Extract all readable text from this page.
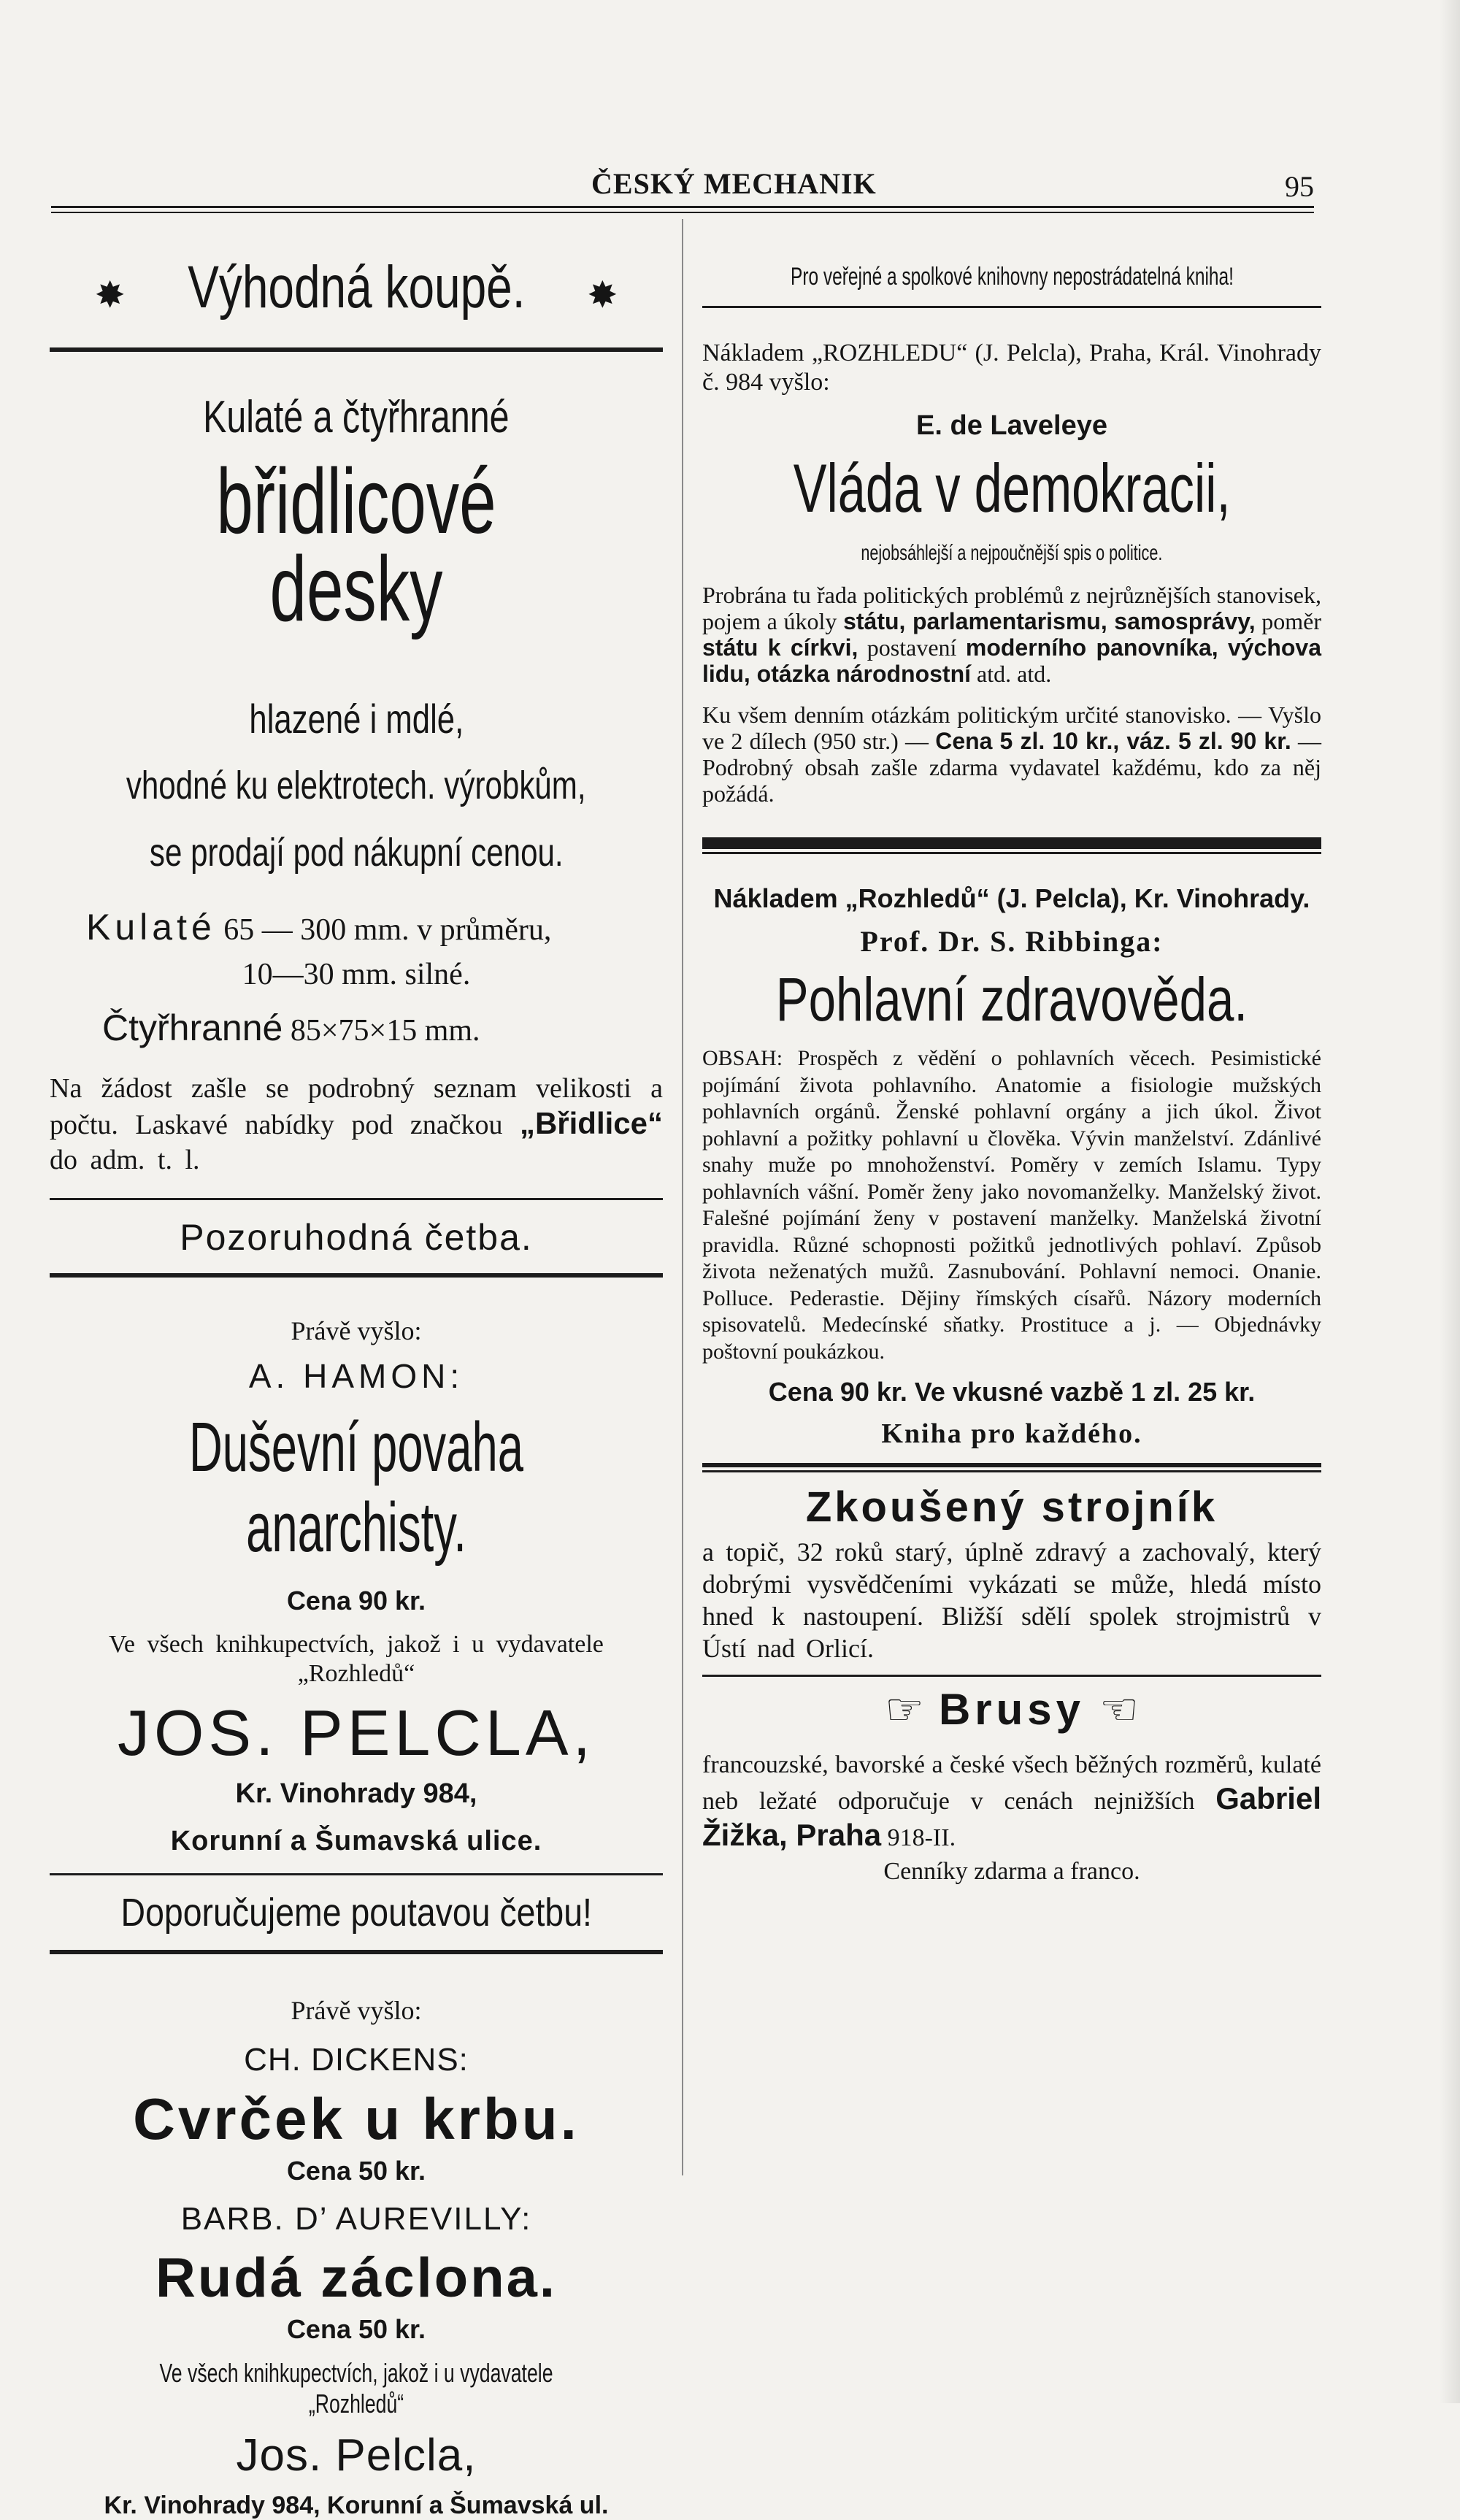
ČESKÝ MECHANIK	95
✸ Výhodná koupě. ✸
Kulaté a čtyřhranné
břidlicové desky
hlazené i mdlé,
vhodné ku elektrotech. výrobkům,
se prodají pod nákupní cenou.
Kulaté 65 — 300 mm. v průměru,
10—30 mm. silné.
Čtyřhranné 85×75×15 mm.
Na žádost zašle se podrobný seznam velikosti a počtu. Laskavé nabídky pod značkou „Břidlice“ do adm. t. l.
Pozoruhodná četba.
Právě vyšlo:
A. HAMON:
Duševní povaha anarchisty.
Cena 90 kr.
Ve všech knihkupectvích, jakož i u vydavatele
„Rozhledů“
JOS. PELCLA,
Kr. Vinohrady 984,
Korunní a Šumavská ulice.
Doporučujeme poutavou četbu!
Právě vyšlo:
CH. DICKENS:
Cvrček u krbu.
Cena 50 kr.
BARB. D’ AUREVILLY:
Rudá záclona.
Cena 50 kr.
Ve všech knihkupectvích, jakož i u vydavatele „Rozhledů“
Jos. Pelcla,
Kr. Vinohrady 984, Korunní a Šumavská ul.
Pro veřejné a spolkové knihovny nepostrádatelná kniha!
Nákladem „ROZHLEDU“ (J. Pelcla), Praha, Král. Vinohrady č. 984 vyšlo:
E. de Laveleye
Vláda v demokracii,
nejobsáhlejší a nejpoučnější spis o politice.
Probrána tu řada politických problémů z nejrůznějších stanovisek, pojem a úkoly státu, parlamentarismu, samosprávy, poměr státu k církvi, postavení moderního panovníka, výchova lidu, otázka národnostní atd. atd.
Ku všem denním otázkám politickým určité stanovisko. — Vyšlo ve 2 dílech (950 str.) — Cena 5 zl. 10 kr., váz. 5 zl. 90 kr. — Podrobný obsah zašle zdarma vydavatel každému, kdo za něj požádá.
Nákladem „Rozhledů“ (J. Pelcla), Kr. Vinohrady.
Prof. Dr. S. Ribbinga:
Pohlavní zdravověda.
OBSAH: Prospěch z vědění o pohlavních věcech. Pesimistické pojímání života pohlavního. Anatomie a fisiologie mužských pohlavních orgánů. Ženské pohlavní orgány a jich úkol. Život pohlavní a požitky pohlavní u člověka. Vývin manželství. Zdánlivé snahy muže po mnohoženství. Poměry v zemích Islamu. Typy pohlavních vášní. Poměr ženy jako novomanželky. Manželský život. Falešné pojímání ženy v postavení manželky. Manželská životní pravidla. Různé schopnosti požitků jednotlivých pohlaví. Způsob života neženatých mužů. Zasnubování. Pohlavní nemoci. Onanie. Polluce. Pederastie. Dějiny římských císařů. Názory moderních spisovatelů. Medecínské sňatky. Prostituce a j. — Objednávky poštovní poukázkou.
Cena 90 kr. Ve vkusné vazbě 1 zl. 25 kr.
Kniha pro každého.
Zkoušený strojník
a topič, 32 roků starý, úplně zdravý a zachovalý, který dobrými vysvědčeními vykázati se může, hledá místo hned k nastoupení. Bližší sdělí spolek strojmistrů v Ústí nad Orlicí.
☞ Brusy ☜
francouzské, bavorské a české všech běžných rozměrů, kulaté neb ležaté odporučuje v cenách nejnižších Gabriel Žižka, Praha 918-II.
Cenníky zdarma a franco.
